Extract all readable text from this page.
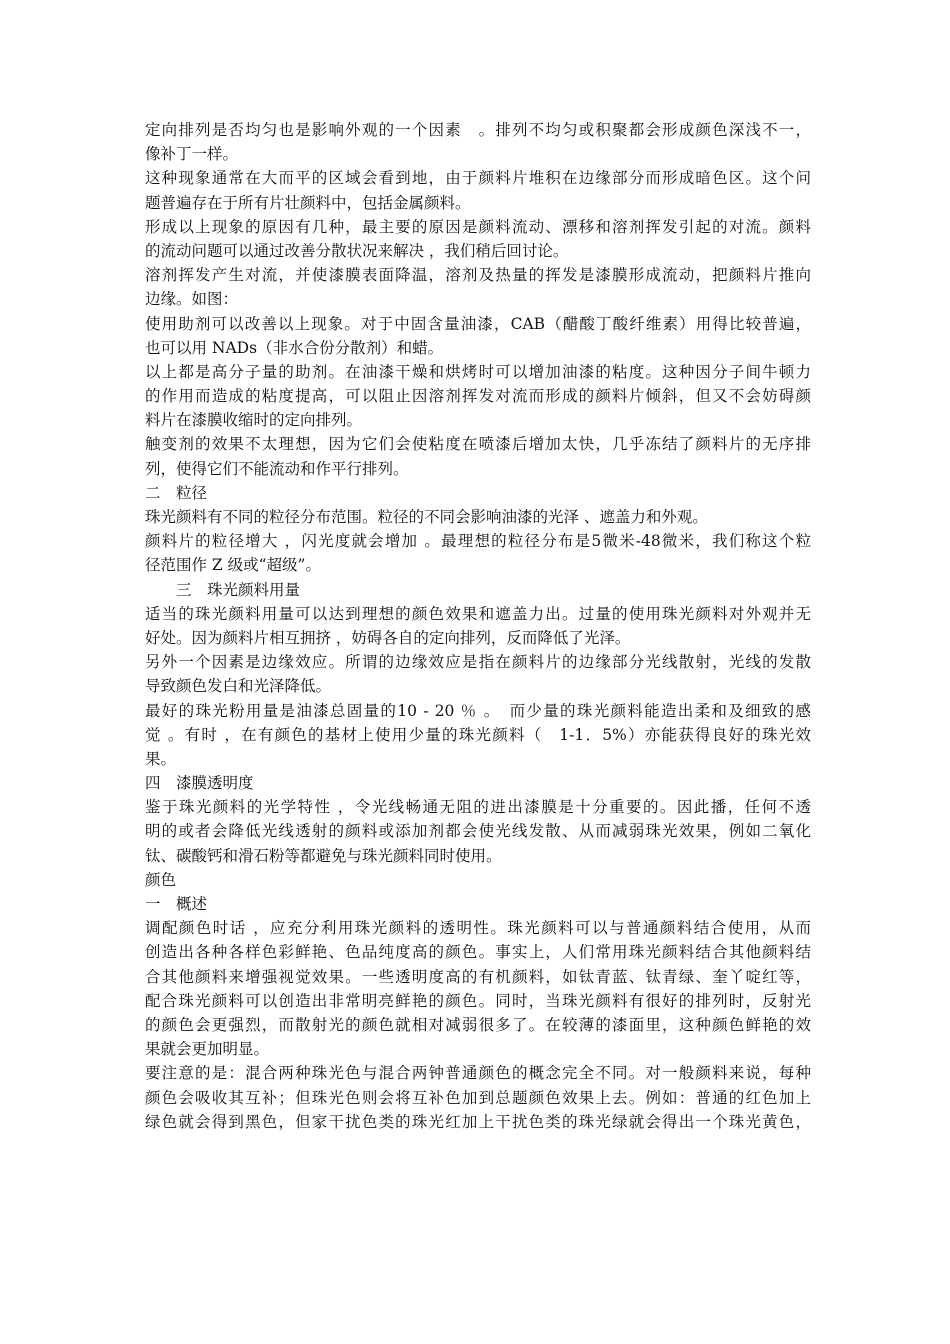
定向排列是否均匀也是影响外观的一个因素　。排列不均匀或积聚都会形成颜色深浅不一，

像补丁一样。

这种现象通常在大而平的区域会看到地，由于颜料片堆积在边缘部分而形成暗色区。这个问

题普遍存在于所有片壮颜料中，包括金属颜料。

形成以上现象的原因有几种，最主要的原因是颜料流动、漂移和溶剂挥发引起的对流。颜料

的流动问题可以通过改善分散状况来解决 ，我们稍后回讨论。

溶剂挥发产生对流，并使漆膜表面降温，溶剂及热量的挥发是漆膜形成流动，把颜料片推向

边缘。如图：

使用助剂可以改善以上现象。对于中固含量油漆，CAB（醋酸丁酸纤维素）用得比较普遍，

也可以用 NADs（非水合份分散剂）和蜡。

以上都是高分子量的助剂。在油漆干燥和烘烤时可以增加油漆的粘度。这种因分子间牛顿力

的作用而造成的粘度提高，可以阻止因溶剂挥发对流而形成的颜料片倾斜，但又不会妨碍颜

料片在漆膜收缩时的定向排列。

触变剂的效果不太理想，因为它们会使粘度在喷漆后增加太快，几乎冻结了颜料片的无序排

列，使得它们不能流动和作平行排列。

二　粒径

珠光颜料有不同的粒径分布范围。粒径的不同会影响油漆的光泽 、遮盖力和外观。

颜料片的粒径增大 ，闪光度就会增加 。最理想的粒径分布是5微米-48微米，我们称这个粒

径范围作 Z 级或“超级”。

　　三　珠光颜料用量

适当的珠光颜料用量可以达到理想的颜色效果和遮盖力出。过量的使用珠光颜料对外观并无

好处。因为颜料片相互拥挤 ，妨碍各自的定向排列，反而降低了光泽。

另外一个因素是边缘效应。所谓的边缘效应是指在颜料片的边缘部分光线散射，光线的发散

导致颜色发白和光泽降低。

最好的珠光粉用量是油漆总固量的10 - 20 ％ 。　而少量的珠光颜料能造出柔和及细致的感

觉 。有时 ，在有颜色的基材上使用少量的珠光颜料（　1-1．5%）亦能获得良好的珠光效

果。

四　漆膜透明度

鉴于珠光颜料的光学特性 ，令光线畅通无阻的进出漆膜是十分重要的。因此播，任何不透

明的或者会降低光线透射的颜料或添加剂都会使光线发散、从而减弱珠光效果，例如二氧化

钛、碳酸钙和滑石粉等都避免与珠光颜料同时使用。

颜色

一　概述

调配颜色时话 ，应充分利用珠光颜料的透明性。珠光颜料可以与普通颜料结合使用，从而

创造出各种各样色彩鲜艳、色品纯度高的颜色。事实上，人们常用珠光颜料结合其他颜料结

合其他颜料来增强视觉效果。一些透明度高的有机颜料，如钛青蓝、钛青绿、奎丫啶红等，

配合珠光颜料可以创造出非常明亮鲜艳的颜色。同时，当珠光颜料有很好的排列时，反射光

的颜色会更强烈，而散射光的颜色就相对减弱很多了。在较薄的漆面里，这种颜色鲜艳的效

果就会更加明显。

要注意的是：混合两种珠光色与混合两钟普通颜色的概念完全不同。对一般颜料来说，每种

颜色会吸收其互补；但珠光色则会将互补色加到总题颜色效果上去。例如：普通的红色加上

绿色就会得到黑色，但家干扰色类的珠光红加上干扰色类的珠光绿就会得出一个珠光黄色，
